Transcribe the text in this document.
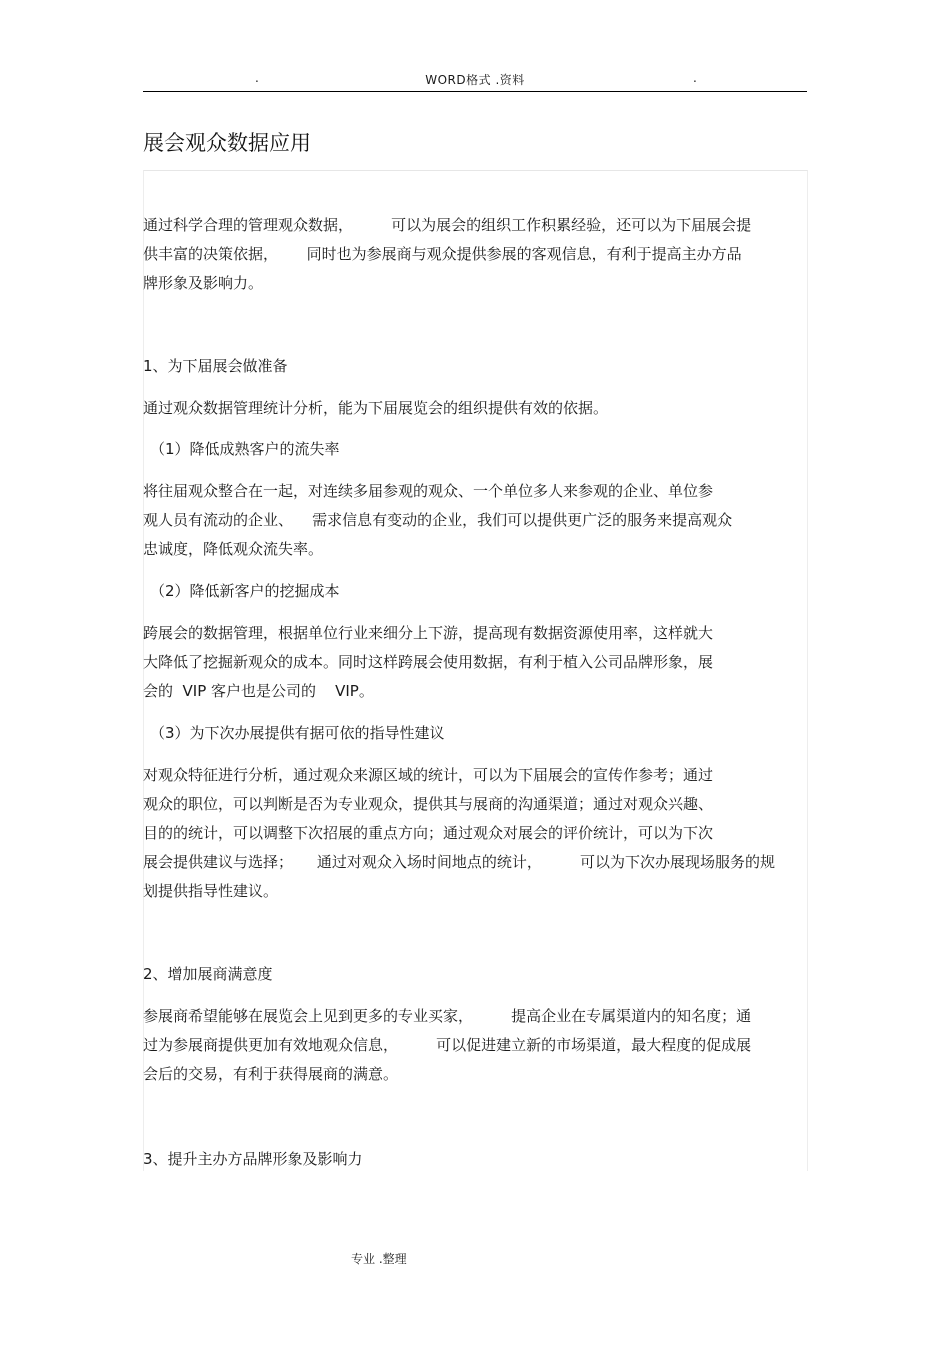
.	WORD格式 .资料	.
展会观众数据应用
通过科学合理的管理观众数据，        可以为展会的组织工作积累经验，还可以为下届展会提
供丰富的决策依据，      同时也为参展商与观众提供参展的客观信息，有利于提高主办方品
牌形象及影响力。
1、为下届展会做准备
通过观众数据管理统计分析，能为下届展览会的组织提供有效的依据。
（1）降低成熟客户的流失率
将往届观众整合在一起，对连续多届参观的观众、一个单位多人来参观的企业、单位参
观人员有流动的企业、    需求信息有变动的企业，我们可以提供更广泛的服务来提高观众
忠诚度，降低观众流失率。
（2）降低新客户的挖掘成本
跨展会的数据管理，根据单位行业来细分上下游，提高现有数据资源使用率，这样就大
大降低了挖掘新观众的成本。同时这样跨展会使用数据，有利于植入公司品牌形象，展
会的  VIP 客户也是公司的    VIP。
（3）为下次办展提供有据可依的指导性建议
对观众特征进行分析，通过观众来源区域的统计，可以为下届展会的宣传作参考；通过
观众的职位，可以判断是否为专业观众，提供其与展商的沟通渠道；通过对观众兴趣、
目的的统计，可以调整下次招展的重点方向；通过观众对展会的评价统计，可以为下次
展会提供建议与选择；     通过对观众入场时间地点的统计，        可以为下次办展现场服务的规
划提供指导性建议。
2、增加展商满意度
参展商希望能够在展览会上见到更多的专业买家，        提高企业在专属渠道内的知名度；通
过为参展商提供更加有效地观众信息，        可以促进建立新的市场渠道，最大程度的促成展
会后的交易，有利于获得展商的满意。
3、提升主办方品牌形象及影响力
专业 .整理
